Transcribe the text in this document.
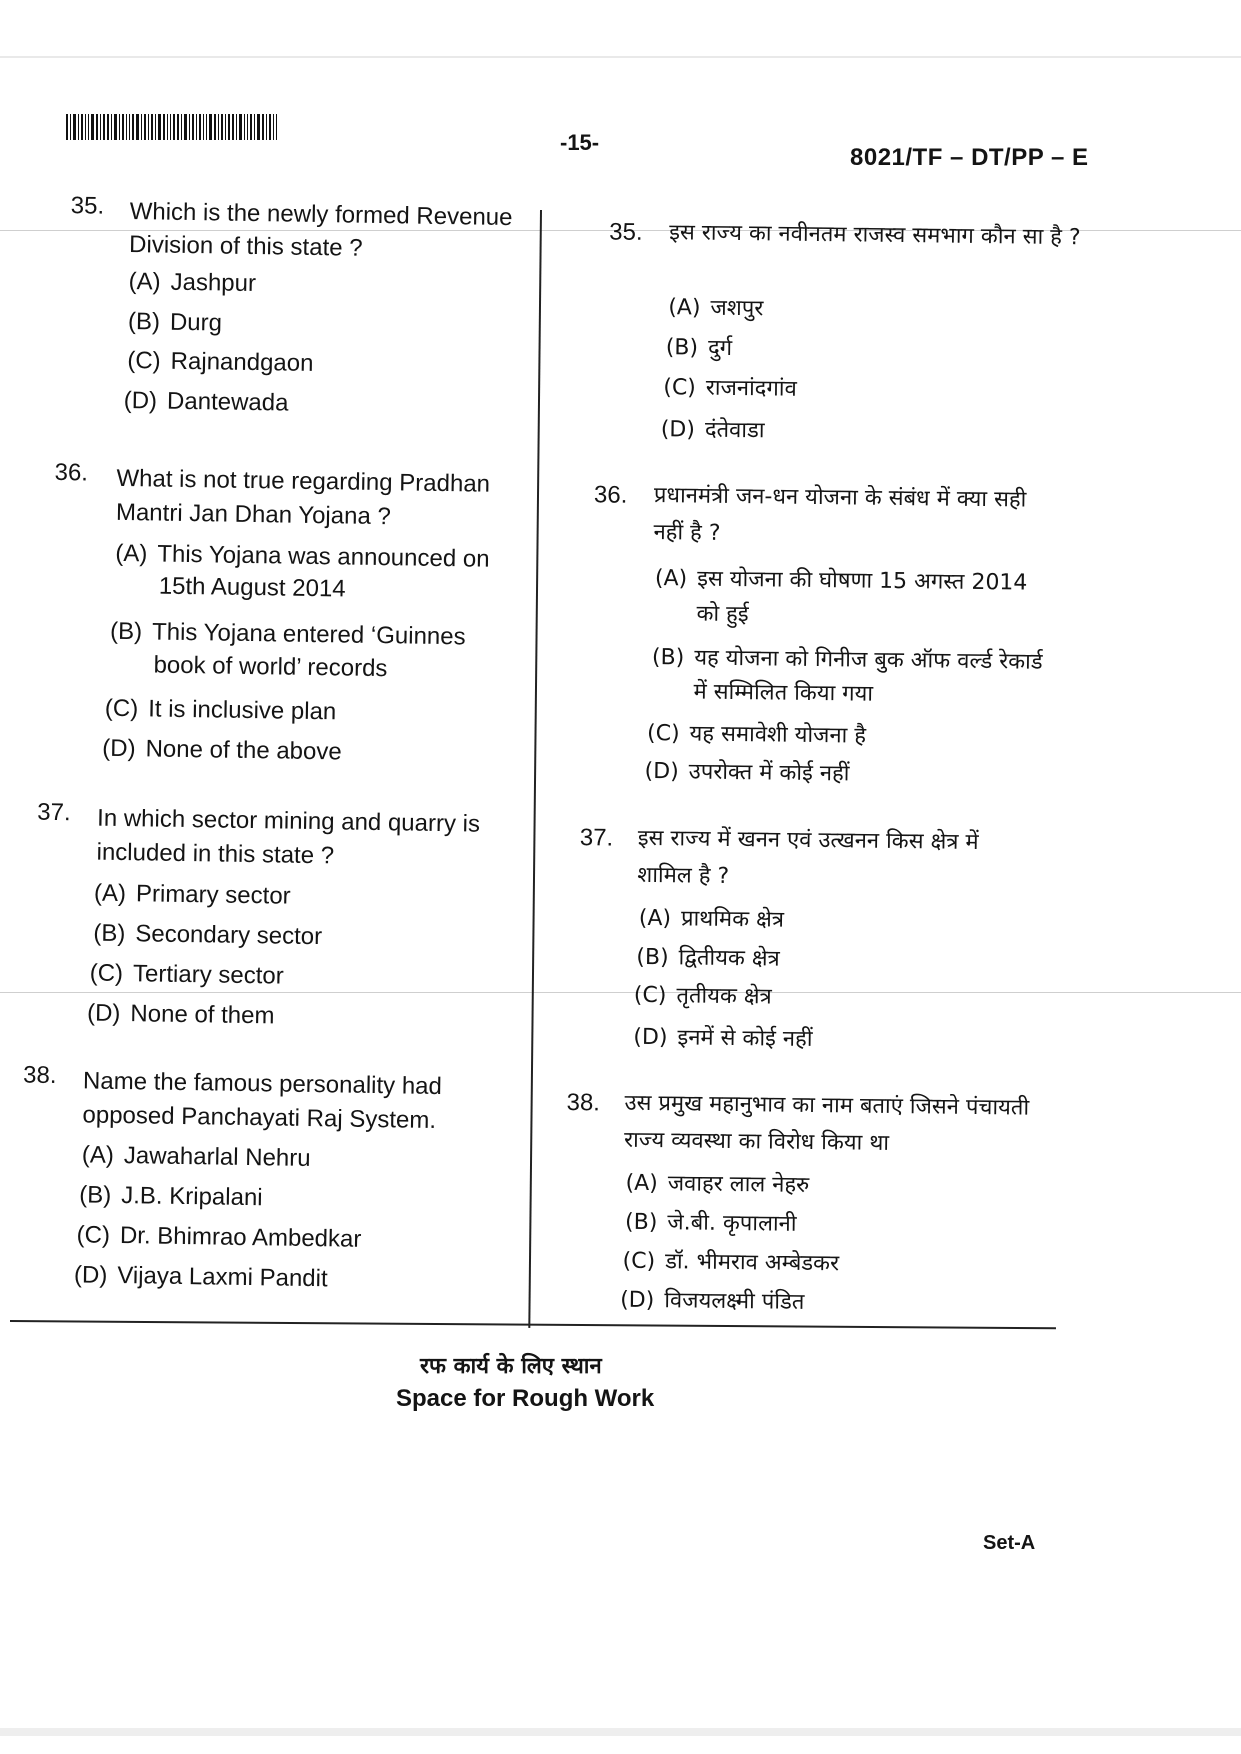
-15-
8021/TF – DT/PP – E
35. Which is the newly formed Revenue
Division of this state ?
(A) Jashpur
(B) Durg
(C) Rajnandgaon
(D) Dantewada
36. What is not true regarding Pradhan
Mantri Jan Dhan Yojana ?
(A) This Yojana was announced on
15th August 2014
(B) This Yojana entered ‘Guinnes
book of world’ records
(C) It is inclusive plan
(D) None of the above
37. In which sector mining and quarry is
included in this state ?
(A) Primary sector
(B) Secondary sector
(C) Tertiary sector
(D) None of them
38. Name the famous personality had
opposed Panchayati Raj System.
(A) Jawaharlal Nehru
(B) J.B. Kripalani
(C) Dr. Bhimrao Ambedkar
(D) Vijaya Laxmi Pandit
35. इस राज्य का नवीनतम राजस्व समभाग कौन सा है ?
(A) जशपुर
(B) दुर्ग
(C) राजनांदगांव
(D) दंतेवाडा
36. प्रधानमंत्री जन-धन योजना के संबंध में क्या सही
नहीं है ?
(A) इस योजना की घोषणा 15 अगस्त 2014
को हुई
(B) यह योजना को गिनीज बुक ऑफ वर्ल्ड रेकार्ड
में सम्मिलित किया गया
(C) यह समावेशी योजना है
(D) उपरोक्त में कोई नहीं
37. इस राज्य में खनन एवं उत्खनन किस क्षेत्र में
शामिल है ?
(A) प्राथमिक क्षेत्र
(B) द्वितीयक क्षेत्र
(C) तृतीयक क्षेत्र
(D) इनमें से कोई नहीं
38. उस प्रमुख महानुभाव का नाम बताएं जिसने पंचायती
राज्य व्यवस्था का विरोध किया था
(A) जवाहर लाल नेहरु
(B) जे.बी. कृपालानी
(C) डॉ. भीमराव अम्बेडकर
(D) विजयलक्ष्मी पंडित
रफ कार्य के लिए स्थान
Space for Rough Work
Set-A
